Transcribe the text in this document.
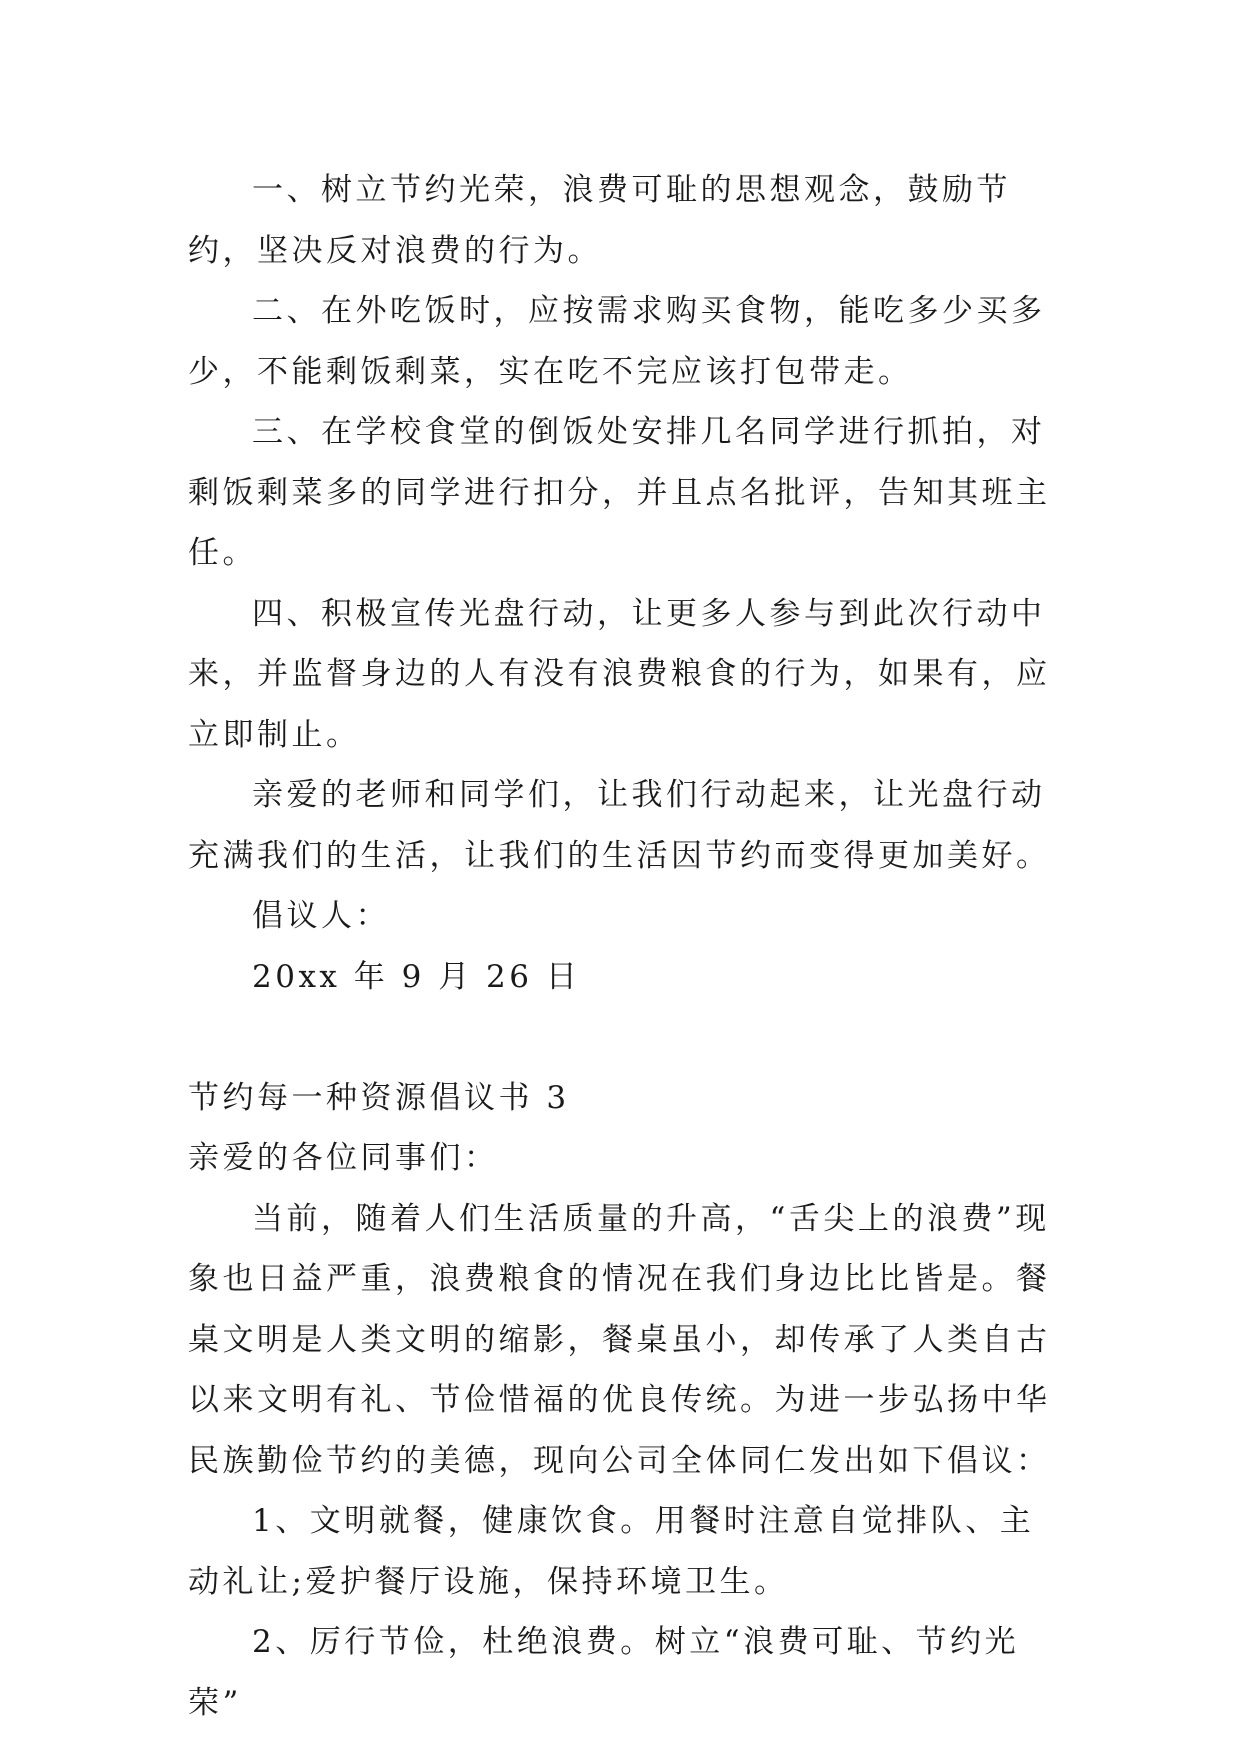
一、树立节约光荣，浪费可耻的思想观念，鼓励节约，坚决反对浪费的行为。

二、在外吃饭时，应按需求购买食物，能吃多少买多少，不能剩饭剩菜，实在吃不完应该打包带走。

三、在学校食堂的倒饭处安排几名同学进行抓拍，对剩饭剩菜多的同学进行扣分，并且点名批评，告知其班主任。

四、积极宣传光盘行动，让更多人参与到此次行动中来，并监督身边的人有没有浪费粮食的行为，如果有，应立即制止。

亲爱的老师和同学们，让我们行动起来，让光盘行动充满我们的生活，让我们的生活因节约而变得更加美好。

倡议人：

20xx 年 9 月 26 日

节约每一种资源倡议书 3

亲爱的各位同事们：

当前，随着人们生活质量的升高，“舌尖上的浪费”现象也日益严重，浪费粮食的情况在我们身边比比皆是。餐桌文明是人类文明的缩影，餐桌虽小，却传承了人类自古以来文明有礼、节俭惜福的优良传统。为进一步弘扬中华民族勤俭节约的美德，现向公司全体同仁发出如下倡议：

1、文明就餐，健康饮食。用餐时注意自觉排队、主动礼让;爱护餐厅设施，保持环境卫生。

2、厉行节俭，杜绝浪费。树立“浪费可耻、节约光荣”
